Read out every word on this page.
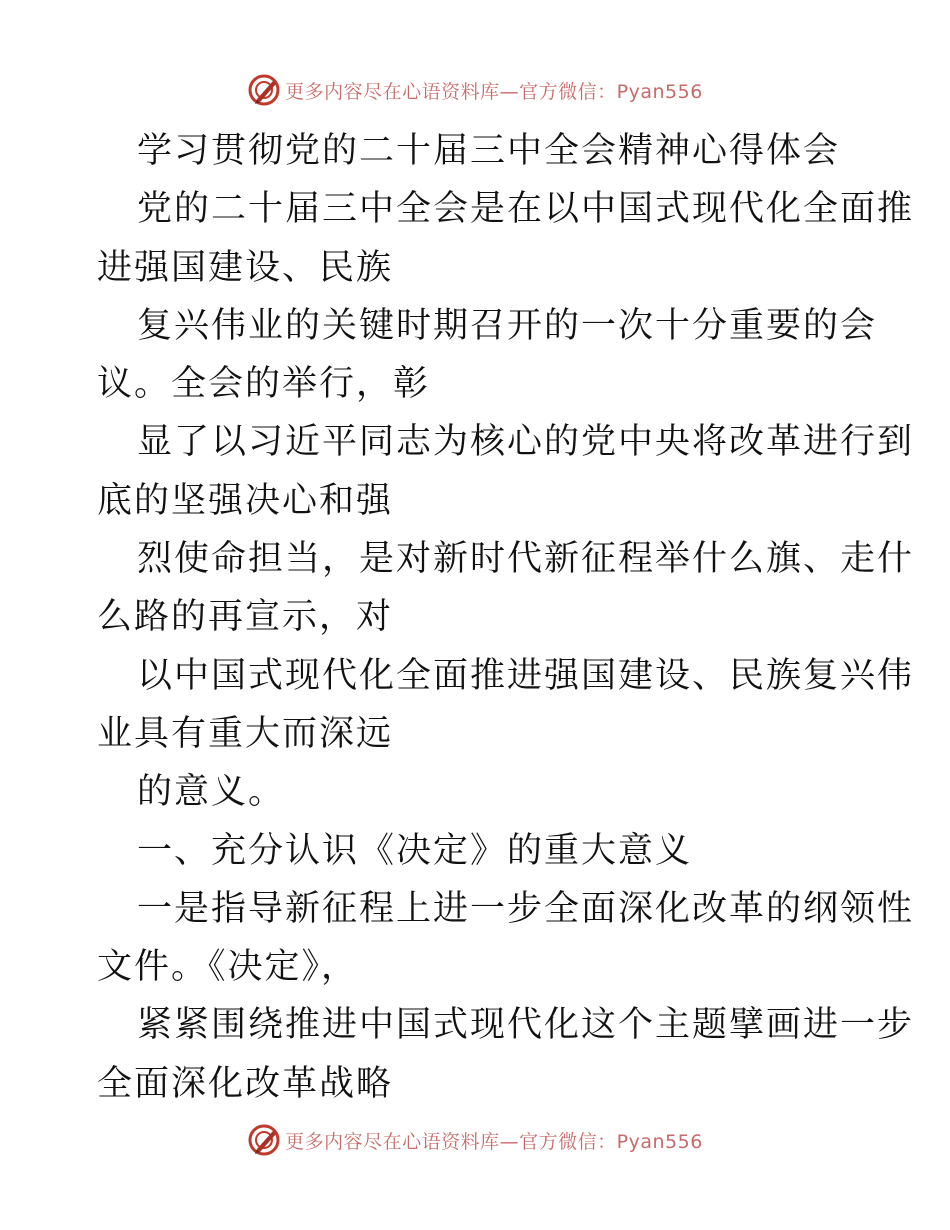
更多内容尽在心语资料库—官方微信：Pyan556
学习贯彻党的二十届三中全会精神心得体会
党的二十届三中全会是在以中国式现代化全面推
进强国建设、民族
复兴伟业的关键时期召开的一次十分重要的会
议。全会的举行，彰
显了以习近平同志为核心的党中央将改革进行到
底的坚强决心和强
烈使命担当，是对新时代新征程举什么旗、走什
么路的再宣示，对
以中国式现代化全面推进强国建设、民族复兴伟
业具有重大而深远
的意义。
一、充分认识《决定》的重大意义
一是指导新征程上进一步全面深化改革的纲领性
文件。《决定》，
紧紧围绕推进中国式现代化这个主题擘画进一步
全面深化改革战略
更多内容尽在心语资料库—官方微信：Pyan556
